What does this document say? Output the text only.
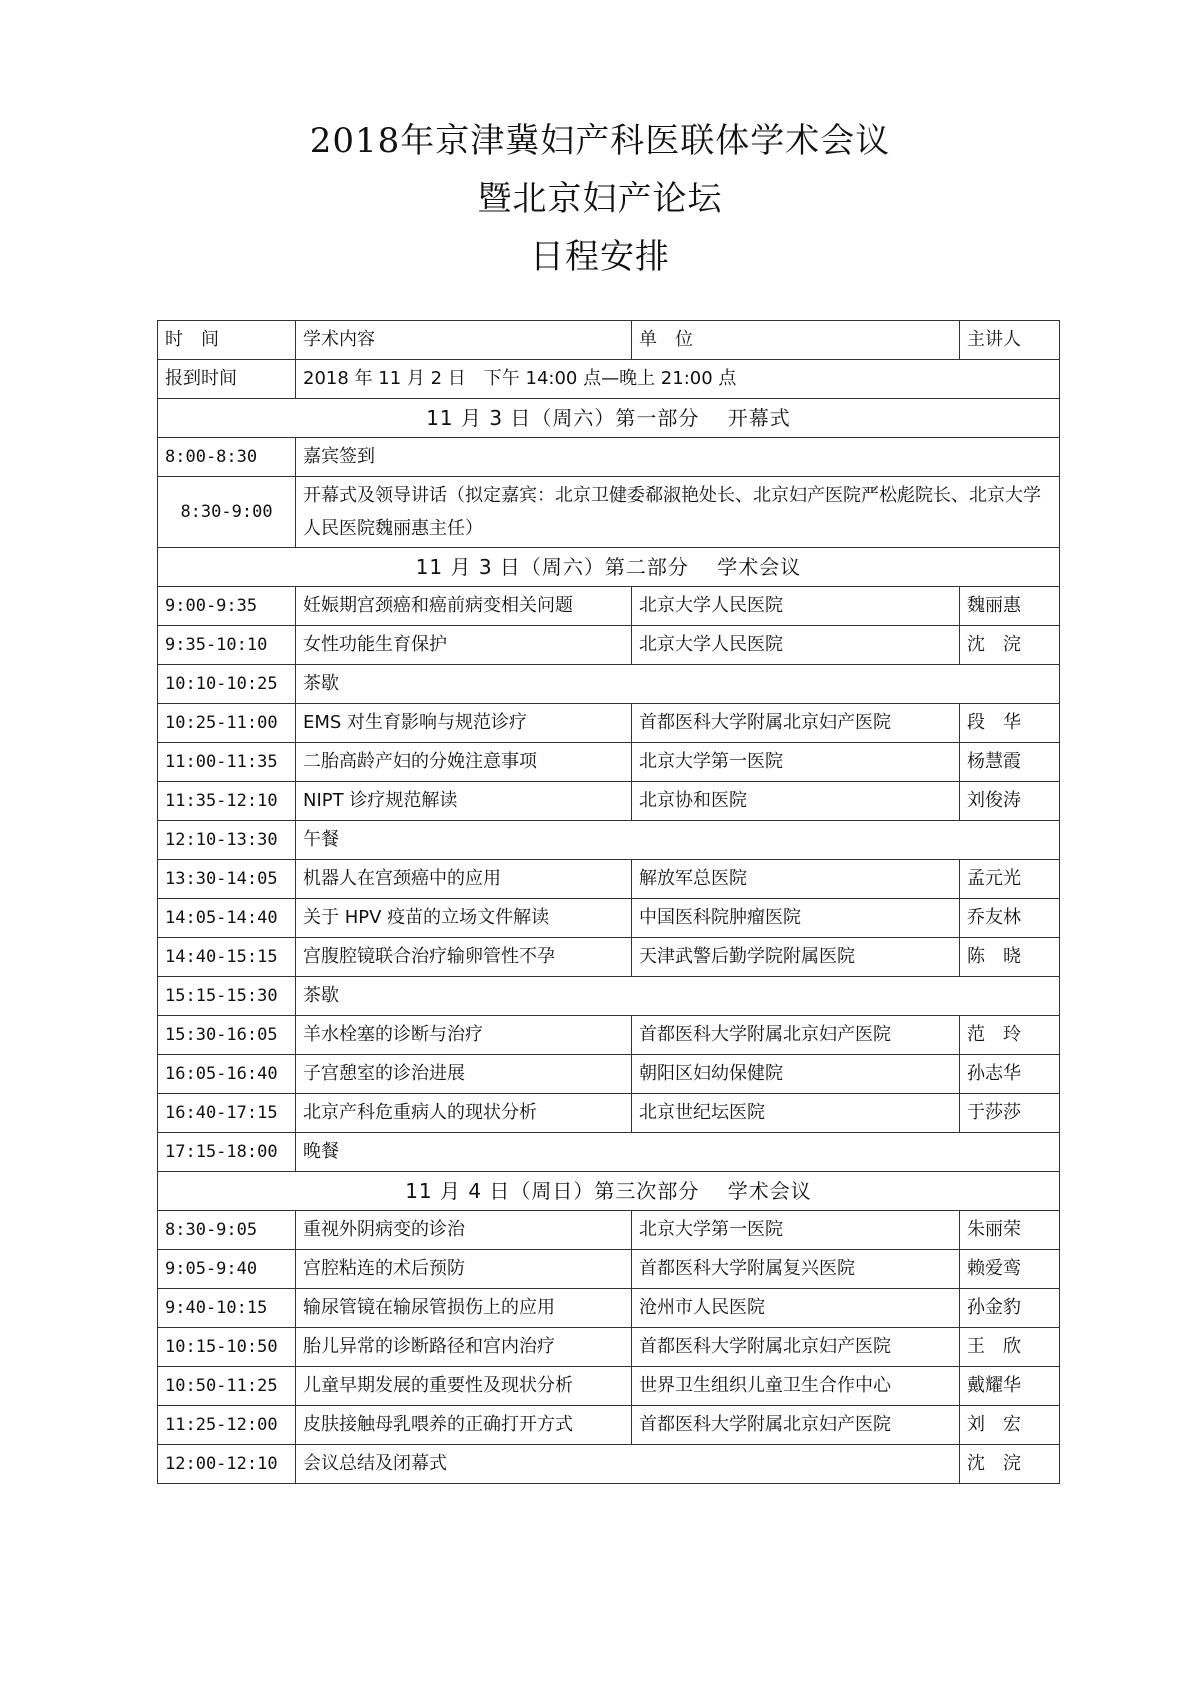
2018年京津冀妇产科医联体学术会议
暨北京妇产论坛
日程安排
时　间	学术内容	单　位	主讲人
报到时间	2018 年 11 月 2 日　下午 14:00 点—晚上 21:00 点		
11 月 3 日（周六）第一部分　 开幕式			
8:00-8:30	嘉宾签到		
8:30-9:00	开幕式及领导讲话（拟定嘉宾：北京卫健委郗淑艳处长、北京妇产医院严松彪院长、北京大学人民医院魏丽惠主任）		
11 月 3 日（周六）第二部分　 学术会议			
9:00-9:35	妊娠期宫颈癌和癌前病变相关问题	北京大学人民医院	魏丽惠
9:35-10:10	女性功能生育保护	北京大学人民医院	沈　浣
10:10-10:25	茶歇		
10:25-11:00	EMS 对生育影响与规范诊疗	首都医科大学附属北京妇产医院	段　华
11:00-11:35	二胎高龄产妇的分娩注意事项	北京大学第一医院	杨慧霞
11:35-12:10	NIPT 诊疗规范解读	北京协和医院	刘俊涛
12:10-13:30	午餐		
13:30-14:05	机器人在宫颈癌中的应用	解放军总医院	孟元光
14:05-14:40	关于 HPV 疫苗的立场文件解读	中国医科院肿瘤医院	乔友林
14:40-15:15	宫腹腔镜联合治疗输卵管性不孕	天津武警后勤学院附属医院	陈　晓
15:15-15:30	茶歇		
15:30-16:05	羊水栓塞的诊断与治疗	首都医科大学附属北京妇产医院	范　玲
16:05-16:40	子宫憩室的诊治进展	朝阳区妇幼保健院	孙志华
16:40-17:15	北京产科危重病人的现状分析	北京世纪坛医院	于莎莎
17:15-18:00	晚餐		
11 月 4 日（周日）第三次部分　 学术会议			
8:30-9:05	重视外阴病变的诊治	北京大学第一医院	朱丽荣
9:05-9:40	宫腔粘连的术后预防	首都医科大学附属复兴医院	赖爱鸾
9:40-10:15	输尿管镜在输尿管损伤上的应用	沧州市人民医院	孙金豹
10:15-10:50	胎儿异常的诊断路径和宫内治疗	首都医科大学附属北京妇产医院	王　欣
10:50-11:25	儿童早期发展的重要性及现状分析	世界卫生组织儿童卫生合作中心	戴耀华
11:25-12:00	皮肤接触母乳喂养的正确打开方式	首都医科大学附属北京妇产医院	刘　宏
12:00-12:10	会议总结及闭幕式		沈　浣
